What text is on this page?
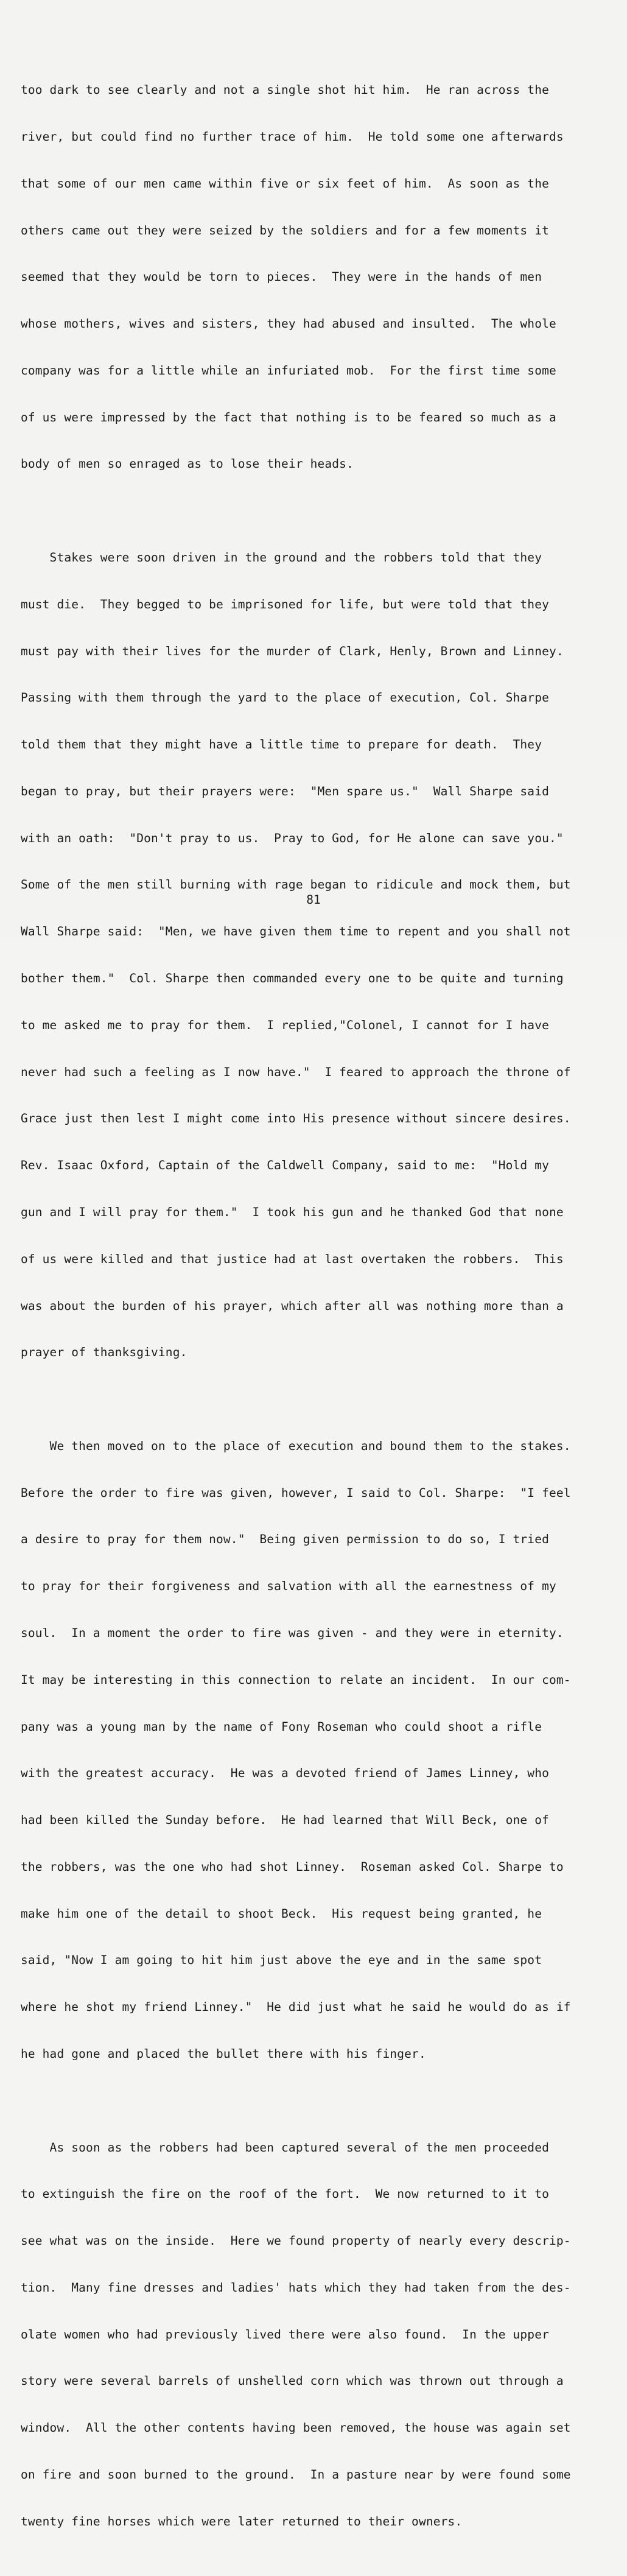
too dark to see clearly and not a single shot hit him.  He ran across the

river, but could find no further trace of him.  He told some one afterwards

that some of our men came within five or six feet of him.  As soon as the

others came out they were seized by the soldiers and for a few moments it

seemed that they would be torn to pieces.  They were in the hands of men

whose mothers, wives and sisters, they had abused and insulted.  The whole

company was for a little while an infuriated mob.  For the first time some

of us were impressed by the fact that nothing is to be feared so much as a

body of men so enraged as to lose their heads.

Stakes were soon driven in the ground and the robbers told that they

must die.  They begged to be imprisoned for life, but were told that they

must pay with their lives for the murder of Clark, Henly, Brown and Linney.

Passing with them through the yard to the place of execution, Col. Sharpe

told them that they might have a little time to prepare for death.  They

began to pray, but their prayers were:  "Men spare us."  Wall Sharpe said

with an oath:  "Don't pray to us.  Pray to God, for He alone can save you."

Some of the men still burning with rage began to ridicule and mock them, but

Wall Sharpe said:  "Men, we have given them time to repent and you shall not

bother them."  Col. Sharpe then commanded every one to be quite and turning

to me asked me to pray for them.  I replied,"Colonel, I cannot for I have

never had such a feeling as I now have."  I feared to approach the throne of

Grace just then lest I might come into His presence without sincere desires.

Rev. Isaac Oxford, Captain of the Caldwell Company, said to me:  "Hold my

gun and I will pray for them."  I took his gun and he thanked God that none

of us were killed and that justice had at last overtaken the robbers.  This

was about the burden of his prayer, which after all was nothing more than a

prayer of thanksgiving.

We then moved on to the place of execution and bound them to the stakes.

Before the order to fire was given, however, I said to Col. Sharpe:  "I feel

a desire to pray for them now."  Being given permission to do so, I tried

to pray for their forgiveness and salvation with all the earnestness of my

soul.  In a moment the order to fire was given - and they were in eternity.

It may be interesting in this connection to relate an incident.  In our com-

pany was a young man by the name of Fony Roseman who could shoot a rifle

with the greatest accuracy.  He was a devoted friend of James Linney, who

had been killed the Sunday before.  He had learned that Will Beck, one of

the robbers, was the one who had shot Linney.  Roseman asked Col. Sharpe to

make him one of the detail to shoot Beck.  His request being granted, he

said, "Now I am going to hit him just above the eye and in the same spot

where he shot my friend Linney."  He did just what he said he would do as if

he had gone and placed the bullet there with his finger.

As soon as the robbers had been captured several of the men proceeded

to extinguish the fire on the roof of the fort.  We now returned to it to

see what was on the inside.  Here we found property of nearly every descrip-

tion.  Many fine dresses and ladies' hats which they had taken from the des-

olate women who had previously lived there were also found.  In the upper

story were several barrels of unshelled corn which was thrown out through a

window.  All the other contents having been removed, the house was again set

on fire and soon burned to the ground.  In a pasture near by were found some

twenty fine horses which were later returned to their owners.

81
